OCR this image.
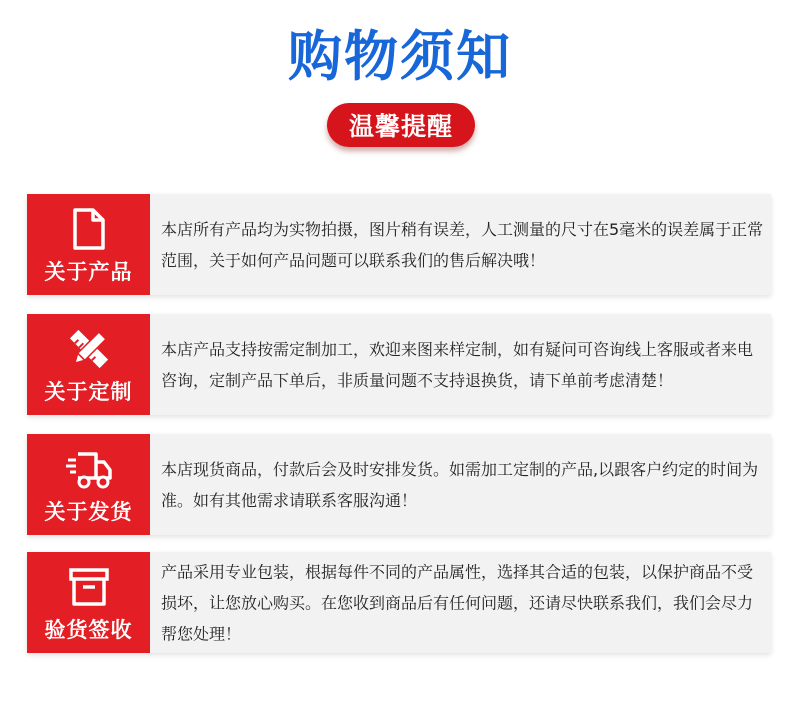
购物须知
温馨提醒
关于产品
本店所有产品均为实物拍摄，图片稍有误差，人工测量的尺寸在5毫米的误差属于正常范围，关于如何产品问题可以联系我们的售后解决哦！
关于定制
本店产品支持按需定制加工，欢迎来图来样定制，如有疑问可咨询线上客服或者来电咨询，定制产品下单后，非质量问题不支持退换货，请下单前考虑清楚！
关于发货
本店现货商品，付款后会及时安排发货。如需加工定制的产品,以跟客户约定的时间为准。如有其他需求请联系客服沟通！
验货签收
产品采用专业包装，根据每件不同的产品属性，选择其合适的包装，以保护商品不受损坏，让您放心购买。在您收到商品后有任何问题，还请尽快联系我们，我们会尽力帮您处理！
